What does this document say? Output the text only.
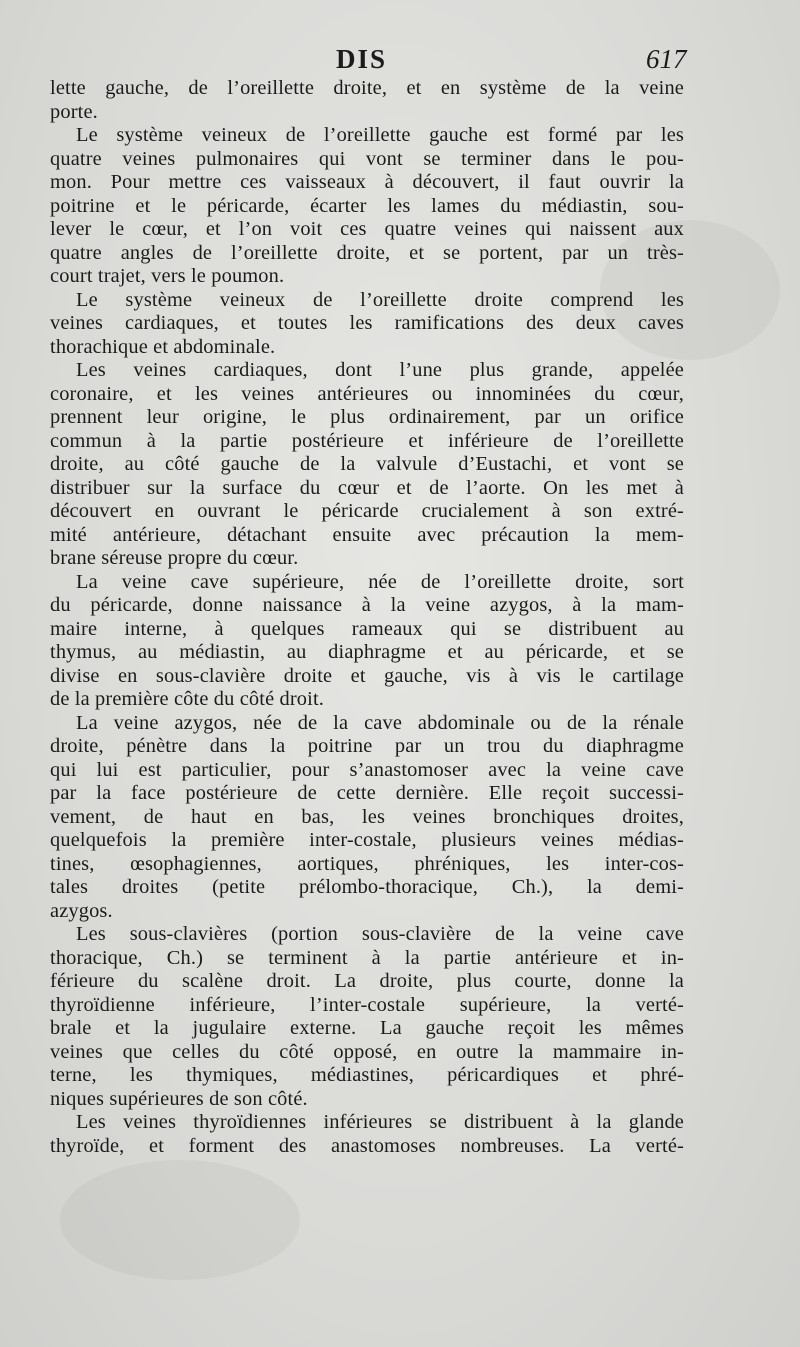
DIS	617
lette gauche, de l’oreillette droite, et en système de la veine
porte.
Le système veineux de l’oreillette gauche est formé par les
quatre veines pulmonaires qui vont se terminer dans le pou-
mon. Pour mettre ces vaisseaux à découvert, il faut ouvrir la
poitrine et le péricarde, écarter les lames du médiastin, sou-
lever le cœur, et l’on voit ces quatre veines qui naissent aux
quatre angles de l’oreillette droite, et se portent, par un très-
court trajet, vers le poumon.
Le système veineux de l’oreillette droite comprend les
veines cardiaques, et toutes les ramifications des deux caves
thorachique et abdominale.
Les veines cardiaques, dont l’une plus grande, appelée
coronaire, et les veines antérieures ou innominées du cœur,
prennent leur origine, le plus ordinairement, par un orifice
commun à la partie postérieure et inférieure de l’oreillette
droite, au côté gauche de la valvule d’Eustachi, et vont se
distribuer sur la surface du cœur et de l’aorte. On les met à
découvert en ouvrant le péricarde crucialement à son extré-
mité antérieure, détachant ensuite avec précaution la mem-
brane séreuse propre du cœur.
La veine cave supérieure, née de l’oreillette droite, sort
du péricarde, donne naissance à la veine azygos, à la mam-
maire interne, à quelques rameaux qui se distribuent au
thymus, au médiastin, au diaphragme et au péricarde, et se
divise en sous-clavière droite et gauche, vis à vis le cartilage
de la première côte du côté droit.
La veine azygos, née de la cave abdominale ou de la rénale
droite, pénètre dans la poitrine par un trou du diaphragme
qui lui est particulier, pour s’anastomoser avec la veine cave
par la face postérieure de cette dernière. Elle reçoit successi-
vement, de haut en bas, les veines bronchiques droites,
quelquefois la première inter-costale, plusieurs veines médias-
tines, œsophagiennes, aortiques, phréniques, les inter-cos-
tales droites (petite prélombo-thoracique, Ch.), la demi-
azygos.
Les sous-clavières (portion sous-clavière de la veine cave
thoracique, Ch.) se terminent à la partie antérieure et in-
férieure du scalène droit. La droite, plus courte, donne la
thyroïdienne inférieure, l’inter-costale supérieure, la verté-
brale et la jugulaire externe. La gauche reçoit les mêmes
veines que celles du côté opposé, en outre la mammaire in-
terne, les thymiques, médiastines, péricardiques et phré-
niques supérieures de son côté.
Les veines thyroïdiennes inférieures se distribuent à la glande
thyroïde, et forment des anastomoses nombreuses. La verté-
